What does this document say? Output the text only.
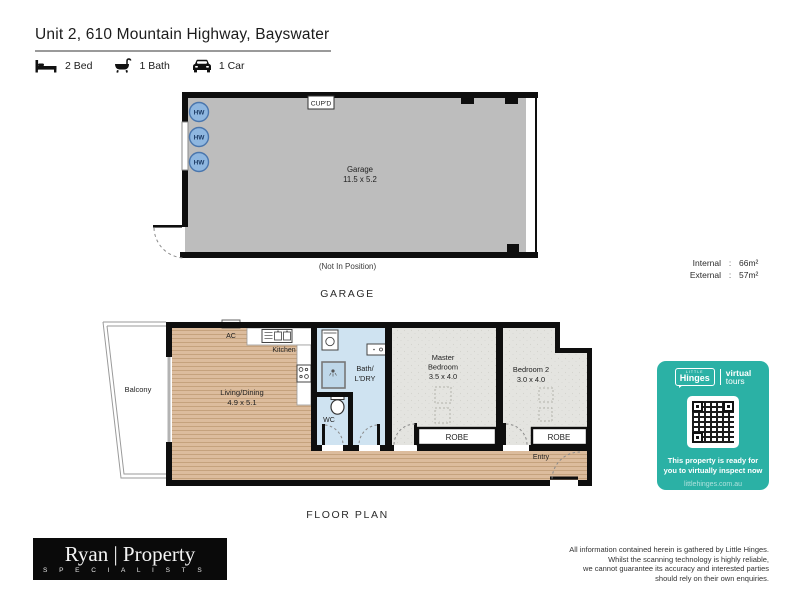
Unit 2, 610 Mountain Highway, Bayswater
2 Bed	1 Bath	1 Car
HW
HW
HW
CUP'D
Garage
11.5 x 5.2
(Not In Position)
GARAGE
Internal : 66m²
External : 57m²
Balcony
ROBE	ROBE
AC
Kitchen
Living/Dining
4.9 x 5.1
Bath/
L'DRY
WC
Master
Bedroom
3.5 x 4.0
Bedroom 2
3.0 x 4.0
Entry
FLOOR PLAN
LITTLE
Hinges virtual
tours
This property is ready for
you to virtually inspect now
littlehinges.com.au
Ryan | Property
S P E C I A L I S T S
All information contained herein is gathered by Little Hinges.
Whilst the scanning technology is highly reliable,
we cannot guarantee its accuracy and interested parties
should rely on their own enquiries.
